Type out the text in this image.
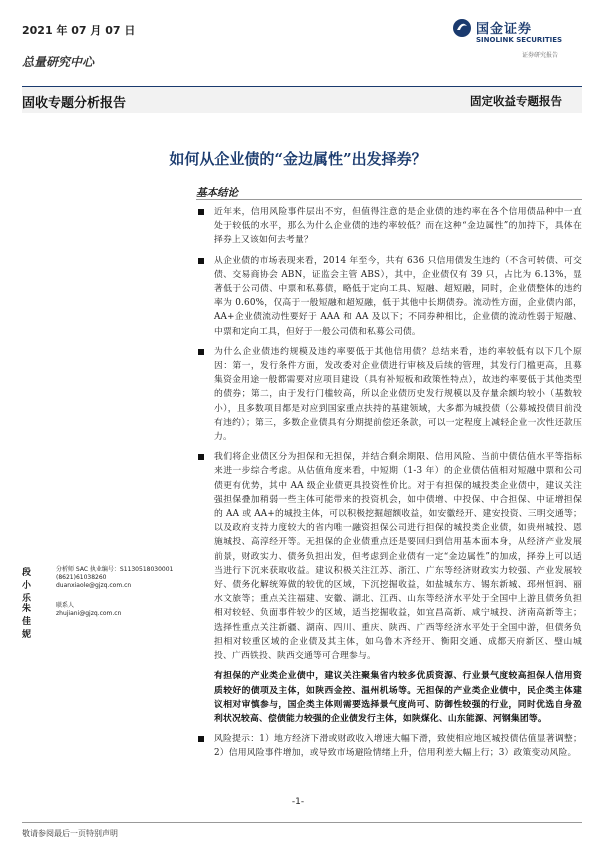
2021 年 07 月 07 日
总量研究中心
国金证券
SINOLINK SECURITIES
证券研究报告
固收专题分析报告	固定收益专题报告
如何从企业债的“金边属性”出发择券？
基本结论
近年来，信用风险事件层出不穷，但值得注意的是企业债的违约率在各个信用债品种中一直处于较低的水平，那么为什么企业债的违约率较低？而在这种“金边属性”的加持下，具体在择券上又该如何去考量？
从企业债的市场表现来看，2014 年至今，共有 636 只信用债发生违约（不含可转债、可交债、交易商协会 ABN，证监会主管 ABS），其中，企业债仅有 39 只，占比为 6.13%，显著低于公司债、中票和私募债，略低于定向工具、短融、超短融，同时，企业债整体的违约率为 0.60%，仅高于一般短融和超短融，低于其他中长期债券。流动性方面，企业债内部，AA+企业债流动性要好于 AAA 和 AA 及以下；不同券种相比，企业债的流动性弱于短融、中票和定向工具，但好于一般公司债和私募公司债。
为什么企业债违约规模及违约率要低于其他信用债？总结来看，违约率较低有以下几个原因：第一，发行条件方面，发改委对企业债进行审核及后续的管理，其发行门槛更高，且募集资金用途一般都需要对应项目建设（具有补短板和政策性特点），故违约率要低于其他类型的债券；第二，由于发行门槛较高，所以企业债历史发行规模以及存量余额均较小（基数较小），且多数项目都是对应到国家重点扶持的基建领域，大多都为城投债（公募城投债目前没有违约）；第三，多数企业债具有分期提前偿还条款，可以一定程度上减轻企业一次性还款压力。
我们将企业债区分为担保和无担保，并结合剩余期限、信用风险、当前中债估值水平等指标来进一步综合考虑。从估值角度来看，中短期（1-3 年）的企业债估值相对短融中票和公司债更有优势，其中 AA 级企业债更具投资性价比。对于有担保的城投类企业债中，建议关注强担保叠加稍弱一些主体可能带来的投资机会，如中债增、中投保、中合担保、中证增担保的 AA 或 AA+的城投主体，可以积极挖掘超额收益，如安徽经开、建安投资、三明交通等；以及政府支持力度较大的省内唯一融资担保公司进行担保的城投类企业债，如贵州城投、恩施城投、高淳经开等。无担保的企业债重点还是要回归到信用基本面本身，从经济产业发展前景，财政实力、债务负担出发，但考虑到企业债有一定“金边属性”的加成，择券上可以适当进行下沉来获取收益。建议积极关注江苏、浙江、广东等经济财政实力较强、产业发展较好、债务化解统筹做的较优的区域，下沉挖掘收益，如盐城东方、锡东新城、邳州恒润、丽水文旅等；重点关注福建、安徽、湖北、江西、山东等经济水平处于全国中上游且债务负担相对较轻、负面事件较少的区域，适当挖掘收益，如宜昌高新、咸宁城投、济南高新等主；选择性重点关注新疆、湖南、四川、重庆、陕西、广西等经济水平处于全国中游，但债务负担相对较重区域的企业债及其主体，如乌鲁木齐经开、衡阳交通、成都天府新区、璧山城投、广西铁投、陕西交通等可合理参与。
有担保的产业类企业债中，建议关注聚集省内较多优质资源、行业景气度较高担保人信用资质较好的债项及主体，如陕西金控、温州机场等。无担保的产业类企业债中，民企类主体建议相对审慎参与，国企类主体则需要选择景气度尚可、防御性较强的行业，同时优选自身盈利状况较高、偿债能力较强的企业债发行主体，如陕煤化、山东能源、河钢集团等。
风险提示：1）地方经济下滑或财政收入增速大幅下滑，致使相应地区城投债估值显著调整；2）信用风险事件增加，或导致市场避险情绪上升，信用利差大幅上行；3）政策变动风险。
段小乐
分析师 SAC 执业编号：S1130518030001
(8621)61038260
duanxiaole@gjzq.com.cn
朱佳妮
联系人
zhujiani@gjzq.com.cn
-1-
敬请参阅最后一页特别声明
